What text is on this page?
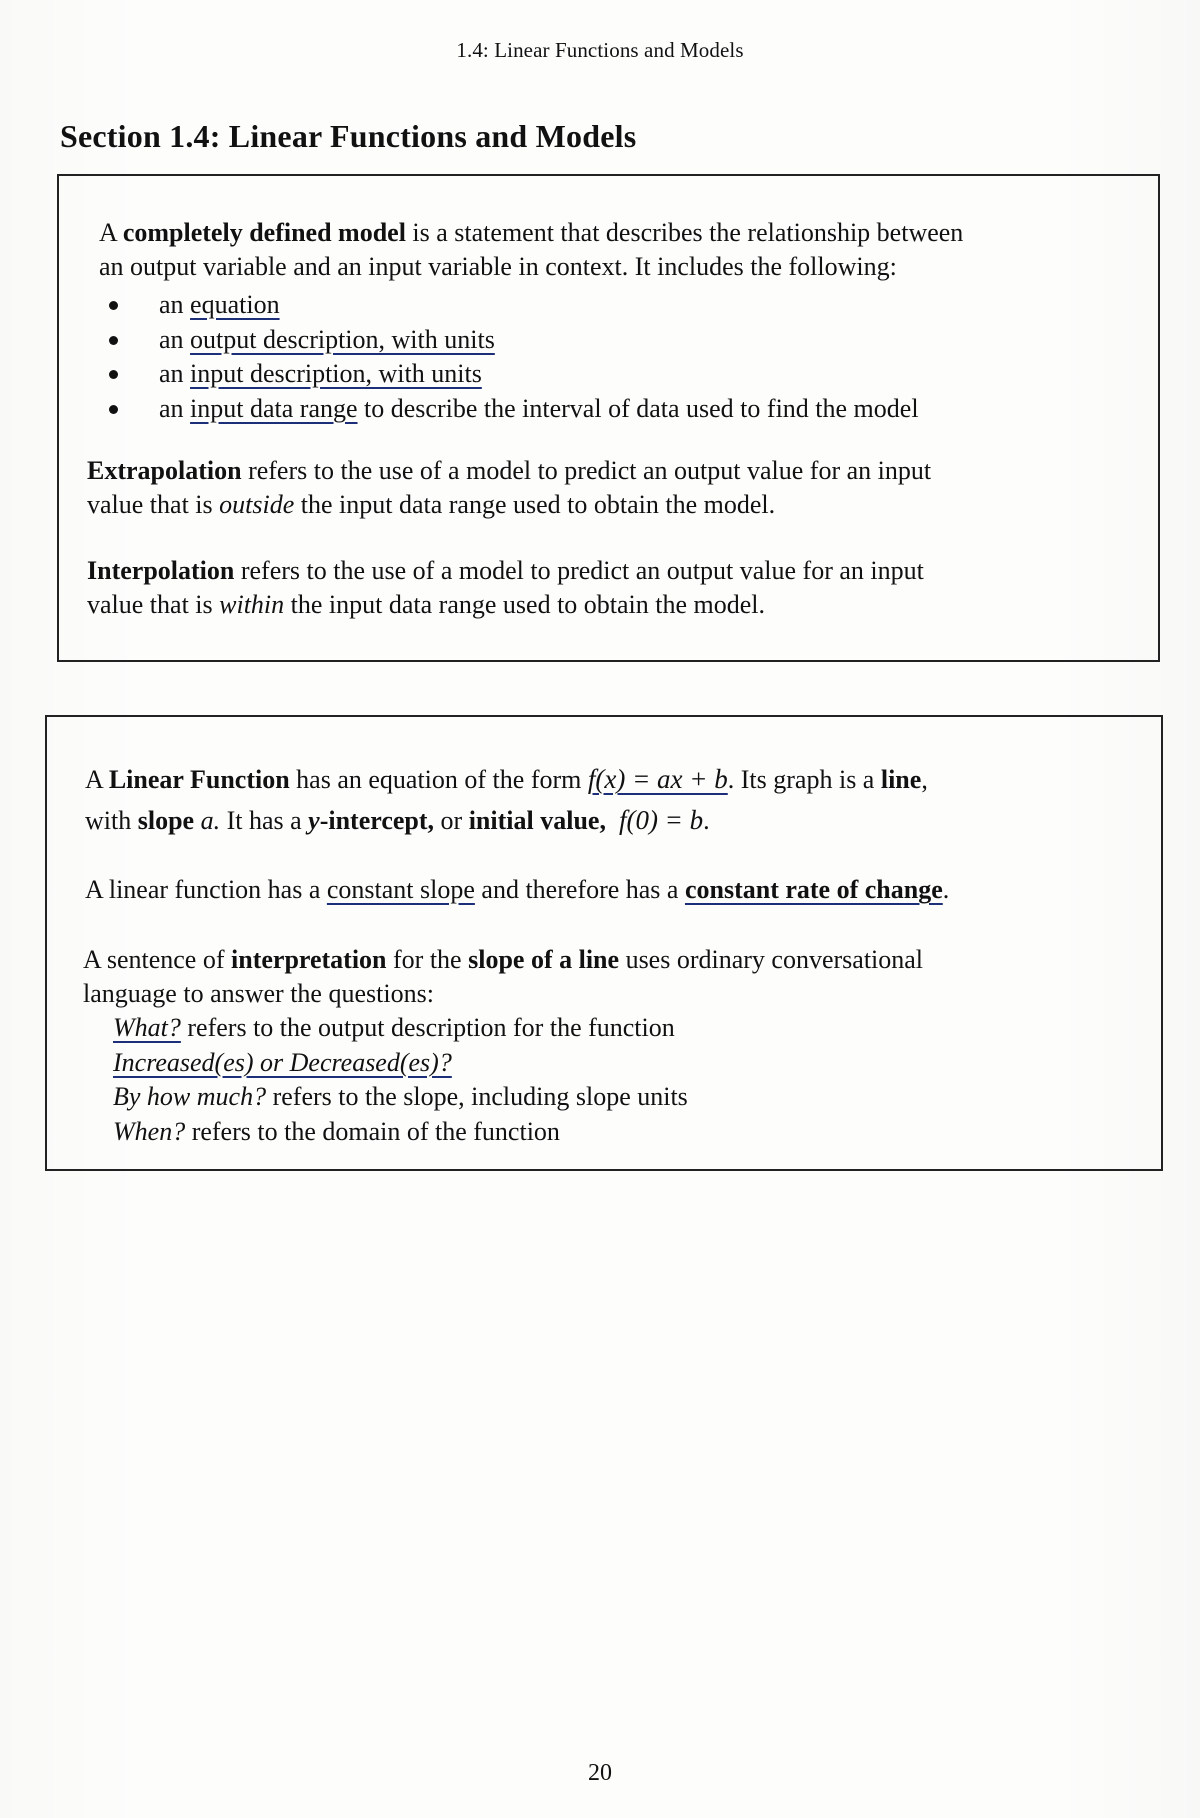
1.4: Linear Functions and Models
Section 1.4: Linear Functions and Models
A completely defined model is a statement that describes the relationship between
an output variable and an input variable in context. It includes the following:
an equation
an output description, with units
an input description, with units
an input data range to describe the interval of data used to find the model
Extrapolation refers to the use of a model to predict an output value for an input
value that is outside the input data range used to obtain the model.
Interpolation refers to the use of a model to predict an output value for an input
value that is within the input data range used to obtain the model.
A Linear Function has an equation of the form f(x) = ax + b. Its graph is a line,
with slope a. It has a y-intercept, or initial value, f(0) = b.
A linear function has a constant slope and therefore has a constant rate of change.
A sentence of interpretation for the slope of a line uses ordinary conversational
language to answer the questions:
What? refers to the output description for the function
Increased(es) or Decreased(es)?
By how much? refers to the slope, including slope units
When? refers to the domain of the function
20
